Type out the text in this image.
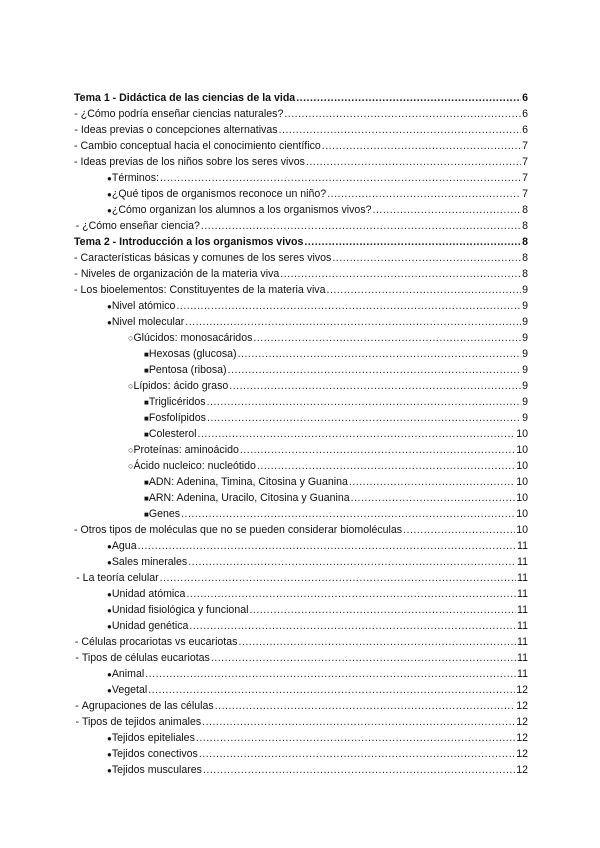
Tema 1 - Didáctica de las ciencias de la vida .....	6
- ¿Cómo podría enseñar ciencias naturales? .....	6
- Ideas previas o concepciones alternativas .....	6
- Cambio conceptual hacia el conocimiento científico .....	7
- Ideas previas de los niños sobre los seres vivos .....	7
● Términos: .....	7
● ¿Qué tipos de organismos reconoce un niño? .....	7
● ¿Cómo organizan los alumnos a los organismos vivos? .....	8
- ¿Cómo enseñar ciencia? .....	8
Tema 2 - Introducción a los organismos vivos .....	8
- Características básicas y comunes de los seres vivos .....	8
- Niveles de organización de la materia viva .....	8
- Los bioelementos: Constituyentes de la materia viva .....	9
● Nivel atómico .....	9
● Nivel molecular .....	9
○ Glúcidos: monosacáridos .....	9
■ Hexosas (glucosa) .....	9
■ Pentosa (ribosa) .....	9
○ Lípidos: ácido graso .....	9
■ Triglicéridos .....	9
■ Fosfolípidos .....	9
■ Colesterol .....	10
○ Proteínas: aminoácido .....	10
○ Ácido nucleico: nucleótido .....	10
■ ADN: Adenina, Timina, Citosina y Guanina .....	10
■ ARN: Adenina, Uracilo, Citosina y Guanina .....	10
■ Genes .....	10
- Otros tipos de moléculas que no se pueden considerar biomoléculas .....	10
● Agua .....	11
● Sales minerales .....	11
- La teoría celular .....	11
● Unidad atómica .....	11
● Unidad fisiológica y funcional .....	11
● Unidad genética .....	11
- Células procariotas vs eucariotas .....	11
- Tipos de células eucariotas .....	11
● Animal .....	11
● Vegetal .....	12
- Agrupaciones de las células .....	12
- Tipos de tejidos animales .....	12
● Tejidos epiteliales .....	12
● Tejidos conectivos .....	12
● Tejidos musculares .....	12
